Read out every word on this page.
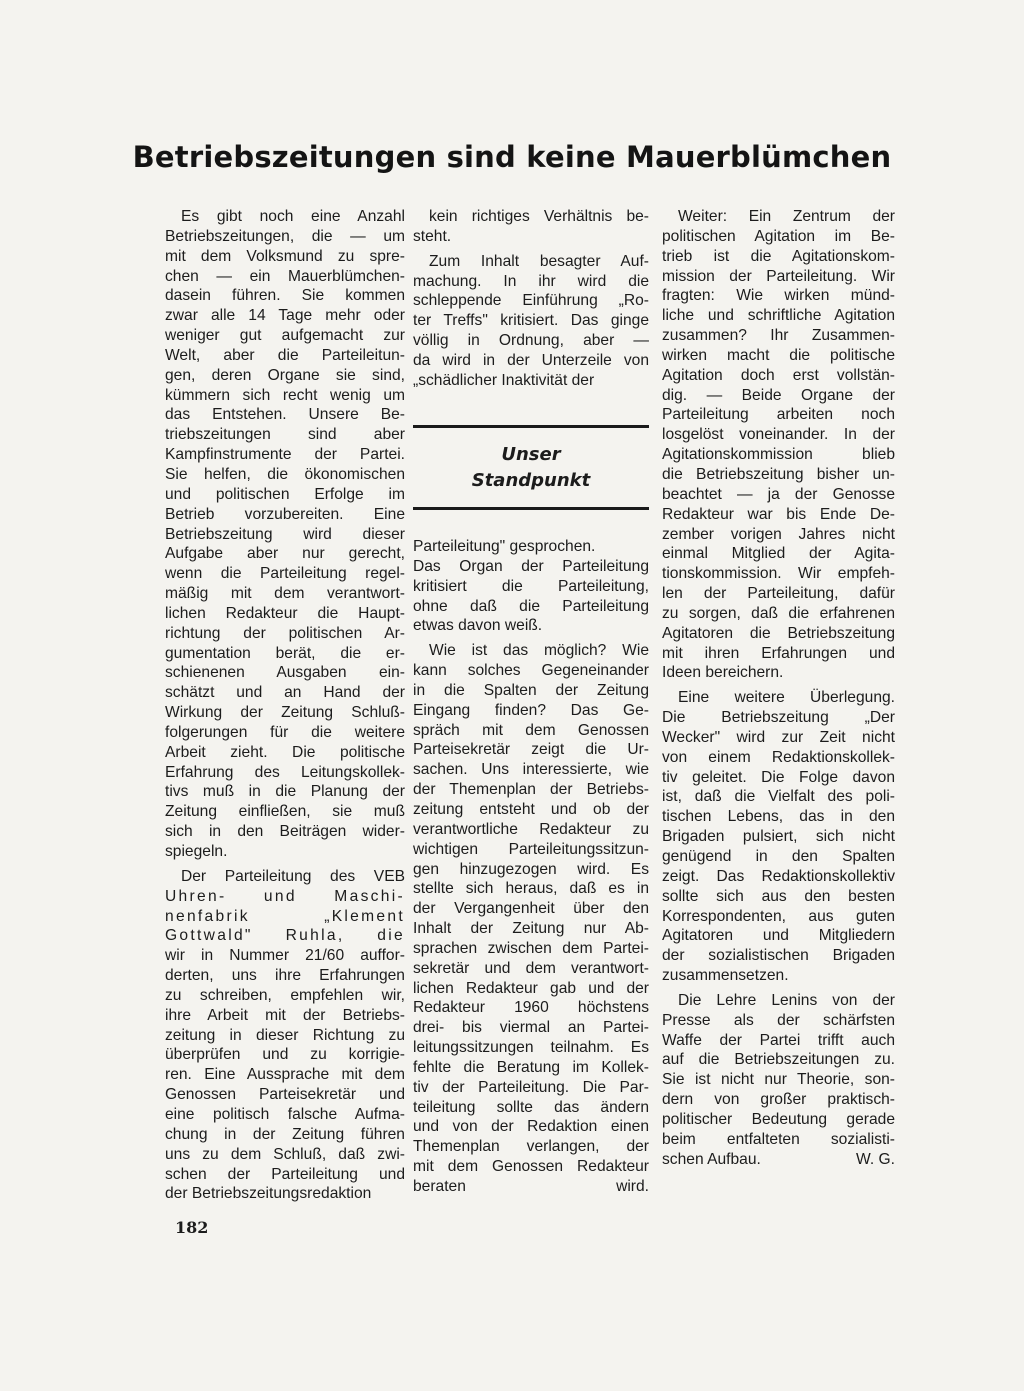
Betriebszeitungen sind keine Mauerblümchen
Es gibt noch eine Anzahl
Betriebszeitungen, die — um
mit dem Volksmund zu spre-
chen — ein Mauerblümchen-
dasein führen. Sie kommen
zwar alle 14 Tage mehr oder
weniger gut aufgemacht zur
Welt, aber die Parteileitun-
gen, deren Organe sie sind,
kümmern sich recht wenig um
das Entstehen. Unsere Be-
triebszeitungen sind aber
Kampfinstrumente der Partei.
Sie helfen, die ökonomischen
und politischen Erfolge im
Betrieb vorzubereiten. Eine
Betriebszeitung wird dieser
Aufgabe aber nur gerecht,
wenn die Parteileitung regel-
mäßig mit dem verantwort-
lichen Redakteur die Haupt-
richtung der politischen Ar-
gumentation berät, die er-
schienenen Ausgaben ein-
schätzt und an Hand der
Wirkung der Zeitung Schluß-
folgerungen für die weitere
Arbeit zieht. Die politische
Erfahrung des Leitungskollek-
tivs muß in die Planung der
Zeitung einfließen, sie muß
sich in den Beiträgen wider-
spiegeln.
Der Parteileitung des VEB
Uhren- und Maschi-
nenfabrik „Klement
Gottwald" Ruhla, die
wir in Nummer 21/60 auffor-
derten, uns ihre Erfahrungen
zu schreiben, empfehlen wir,
ihre Arbeit mit der Betriebs-
zeitung in dieser Richtung zu
überprüfen und zu korrigie-
ren. Eine Aussprache mit dem
Genossen Parteisekretär und
eine politisch falsche Aufma-
chung in der Zeitung führen
uns zu dem Schluß, daß zwi-
schen der Parteileitung und
der Betriebszeitungsredaktion
kein richtiges Verhältnis be-
steht.
Zum Inhalt besagter Auf-
machung. In ihr wird die
schleppende Einführung „Ro-
ter Treffs" kritisiert. Das ginge
völlig in Ordnung, aber —
da wird in der Unterzeile von
„schädlicher Inaktivität der
Unser
Standpunkt
Parteileitung" gesprochen.
Das Organ der Parteileitung
kritisiert die Parteileitung,
ohne daß die Parteileitung
etwas davon weiß.
Wie ist das möglich? Wie
kann solches Gegeneinander
in die Spalten der Zeitung
Eingang finden? Das Ge-
spräch mit dem Genossen
Parteisekretär zeigt die Ur-
sachen. Uns interessierte, wie
der Themenplan der Betriebs-
zeitung entsteht und ob der
verantwortliche Redakteur zu
wichtigen Parteileitungssitzun-
gen hinzugezogen wird. Es
stellte sich heraus, daß es in
der Vergangenheit über den
Inhalt der Zeitung nur Ab-
sprachen zwischen dem Partei-
sekretär und dem verantwort-
lichen Redakteur gab und der
Redakteur 1960 höchstens
drei- bis viermal an Partei-
leitungssitzungen teilnahm. Es
fehlte die Beratung im Kollek-
tiv der Parteileitung. Die Par-
teileitung sollte das ändern
und von der Redaktion einen
Themenplan verlangen, der
mit dem Genossen Redakteur
beraten wird.
Weiter: Ein Zentrum der
politischen Agitation im Be-
trieb ist die Agitationskom-
mission der Parteileitung. Wir
fragten: Wie wirken münd-
liche und schriftliche Agitation
zusammen? Ihr Zusammen-
wirken macht die politische
Agitation doch erst vollstän-
dig. — Beide Organe der
Parteileitung arbeiten noch
losgelöst voneinander. In der
Agitationskommission blieb
die Betriebszeitung bisher un-
beachtet — ja der Genosse
Redakteur war bis Ende De-
zember vorigen Jahres nicht
einmal Mitglied der Agita-
tionskommission. Wir empfeh-
len der Parteileitung, dafür
zu sorgen, daß die erfahrenen
Agitatoren die Betriebszeitung
mit ihren Erfahrungen und
Ideen bereichern.
Eine weitere Überlegung.
Die Betriebszeitung „Der
Wecker" wird zur Zeit nicht
von einem Redaktionskollek-
tiv geleitet. Die Folge davon
ist, daß die Vielfalt des poli-
tischen Lebens, das in den
Brigaden pulsiert, sich nicht
genügend in den Spalten
zeigt. Das Redaktionskollektiv
sollte sich aus den besten
Korrespondenten, aus guten
Agitatoren und Mitgliedern
der sozialistischen Brigaden
zusammensetzen.
Die Lehre Lenins von der
Presse als der schärfsten
Waffe der Partei trifft auch
auf die Betriebszeitungen zu.
Sie ist nicht nur Theorie, son-
dern von großer praktisch-
politischer Bedeutung gerade
beim entfalteten sozialisti-
schen Aufbau.	W. G.
182
